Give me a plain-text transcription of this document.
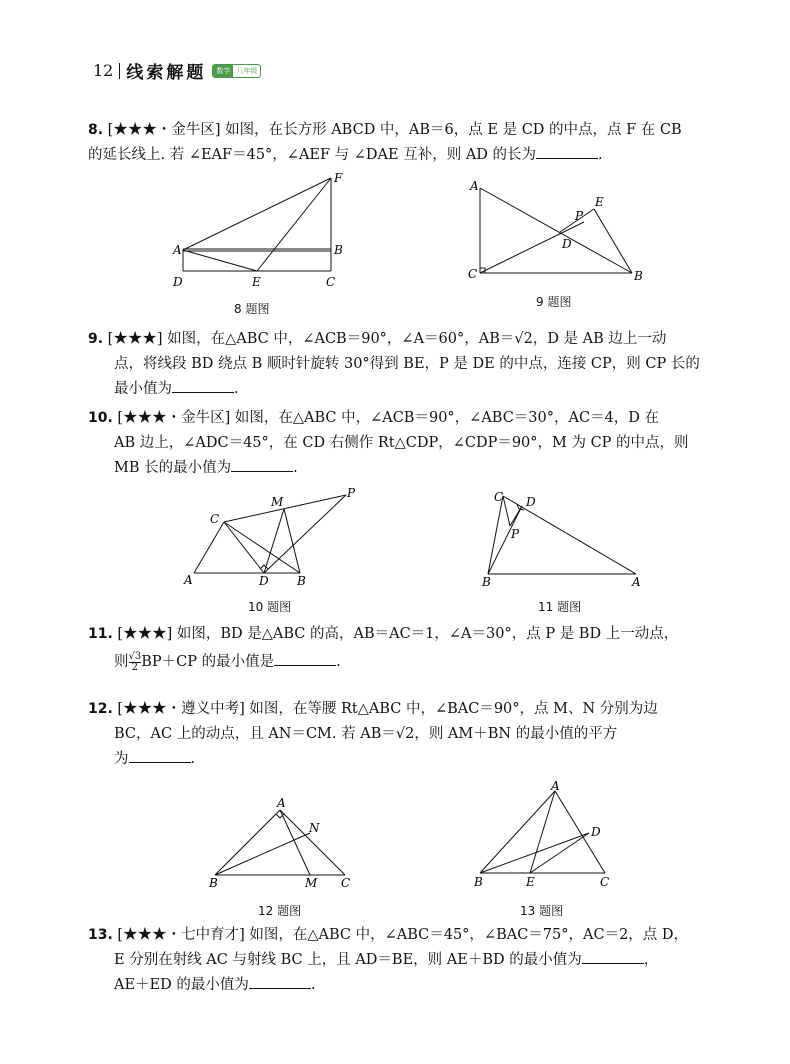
12 线索解题	数学 八年级
8. [★★★・金牛区] 如图，在长方形 ABCD 中，AB＝6，点 E 是 CD 的中点，点 F 在 CB
的延长线上. 若 ∠EAF＝45°，∠AEF 与 ∠DAE 互补，则 AD 的长为	.
A	B
C
D	E
F
8 题图
A
B
C
D
E
P
9 题图
9. [★★★] 如图，在△ABC 中，∠ACB＝90°，∠A＝60°，AB＝√2，D 是 AB 边上一动
点，将线段 BD 绕点 B 顺时针旋转 30°得到 BE，P 是 DE 的中点，连接 CP，则 CP 长的
最小值为	.
10. [★★★・金牛区] 如图，在△ABC 中，∠ACB＝90°，∠ABC＝30°，AC＝4，D 在
AB 边上，∠ADC＝45°，在 CD 右侧作 Rt△CDP，∠CDP＝90°，M 为 CP 的中点，则
MB 长的最小值为	.
A	B
C
D
M
P
10 题图
B	A
C D
P
11 题图
11. [★★★] 如图，BD 是△ABC 的高，AB＝AC＝1，∠A＝30°，点 P 是 BD 上一动点，
则 $\frac{√3}{2} BP+CP$ 的最小值是	.
12. [★★★・遵义中考] 如图，在等腰 Rt△ABC 中，∠BAC＝90°，点 M、N 分别为边
BC，AC 上的动点，且 AN＝CM. 若 AB＝√2，则 AM＋BN 的最小值的平方
为	.
B
A
C
M
N
12 题图
B
A
C
D
E
13 题图
13. [★★★・七中育才] 如图，在△ABC 中，∠ABC＝45°，∠BAC＝75°，AC＝2，点 D，
E 分别在射线 AC 与射线 BC 上，且 AD＝BE，则 AE＋BD 的最小值为	，
AE＋ED 的最小值为	.
